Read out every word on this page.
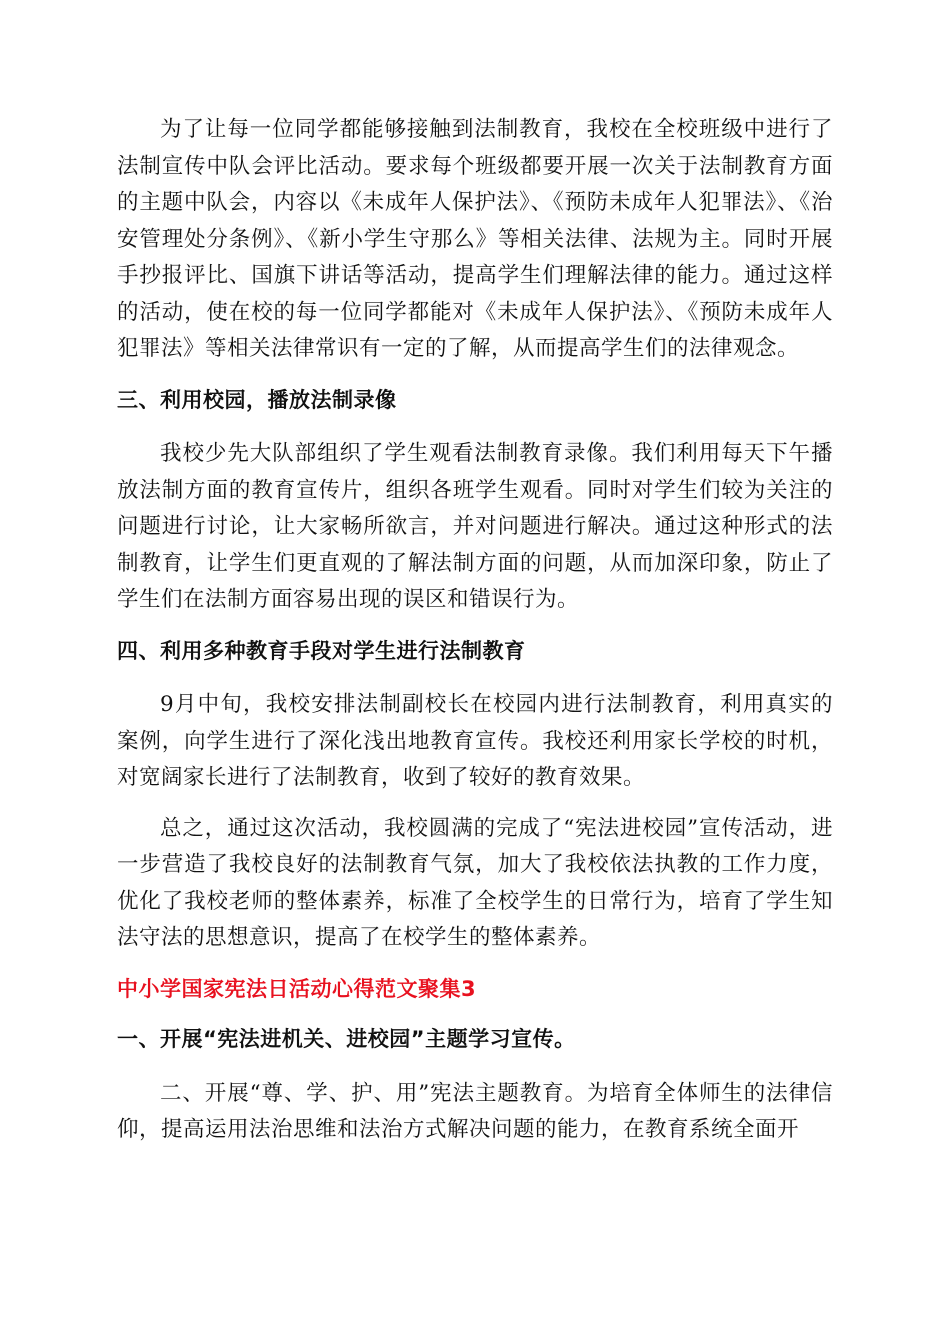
为了让每一位同学都能够接触到法制教育，我校在全校班级中进行了法制宣传中队会评比活动。要求每个班级都要开展一次关于法制教育方面的主题中队会，内容以《未成年人保护法》、《预防未成年人犯罪法》、《治安管理处分条例》、《新小学生守那么》等相关法律、法规为主。同时开展手抄报评比、国旗下讲话等活动，提高学生们理解法律的能力。通过这样的活动，使在校的每一位同学都能对《未成年人保护法》、《预防未成年人犯罪法》等相关法律常识有一定的了解，从而提高学生们的法律观念。

三、利用校园，播放法制录像

我校少先大队部组织了学生观看法制教育录像。我们利用每天下午播放法制方面的教育宣传片，组织各班学生观看。同时对学生们较为关注的问题进行讨论，让大家畅所欲言，并对问题进行解决。通过这种形式的法制教育，让学生们更直观的了解法制方面的问题，从而加深印象，防止了学生们在法制方面容易出现的误区和错误行为。

四、利用多种教育手段对学生进行法制教育

9月中旬，我校安排法制副校长在校园内进行法制教育，利用真实的案例，向学生进行了深化浅出地教育宣传。我校还利用家长学校的时机，对宽阔家长进行了法制教育，收到了较好的教育效果。

总之，通过这次活动，我校圆满的完成了“宪法进校园”宣传活动，进一步营造了我校良好的法制教育气氛，加大了我校依法执教的工作力度，优化了我校老师的整体素养，标准了全校学生的日常行为，培育了学生知法守法的思想意识，提高了在校学生的整体素养。

中小学国家宪法日活动心得范文聚集3

一、开展“宪法进机关、进校园”主题学习宣传。

二、开展“尊、学、护、用”宪法主题教育。为培育全体师生的法律信仰，提高运用法治思维和法治方式解决问题的能力，在教育系统全面开
